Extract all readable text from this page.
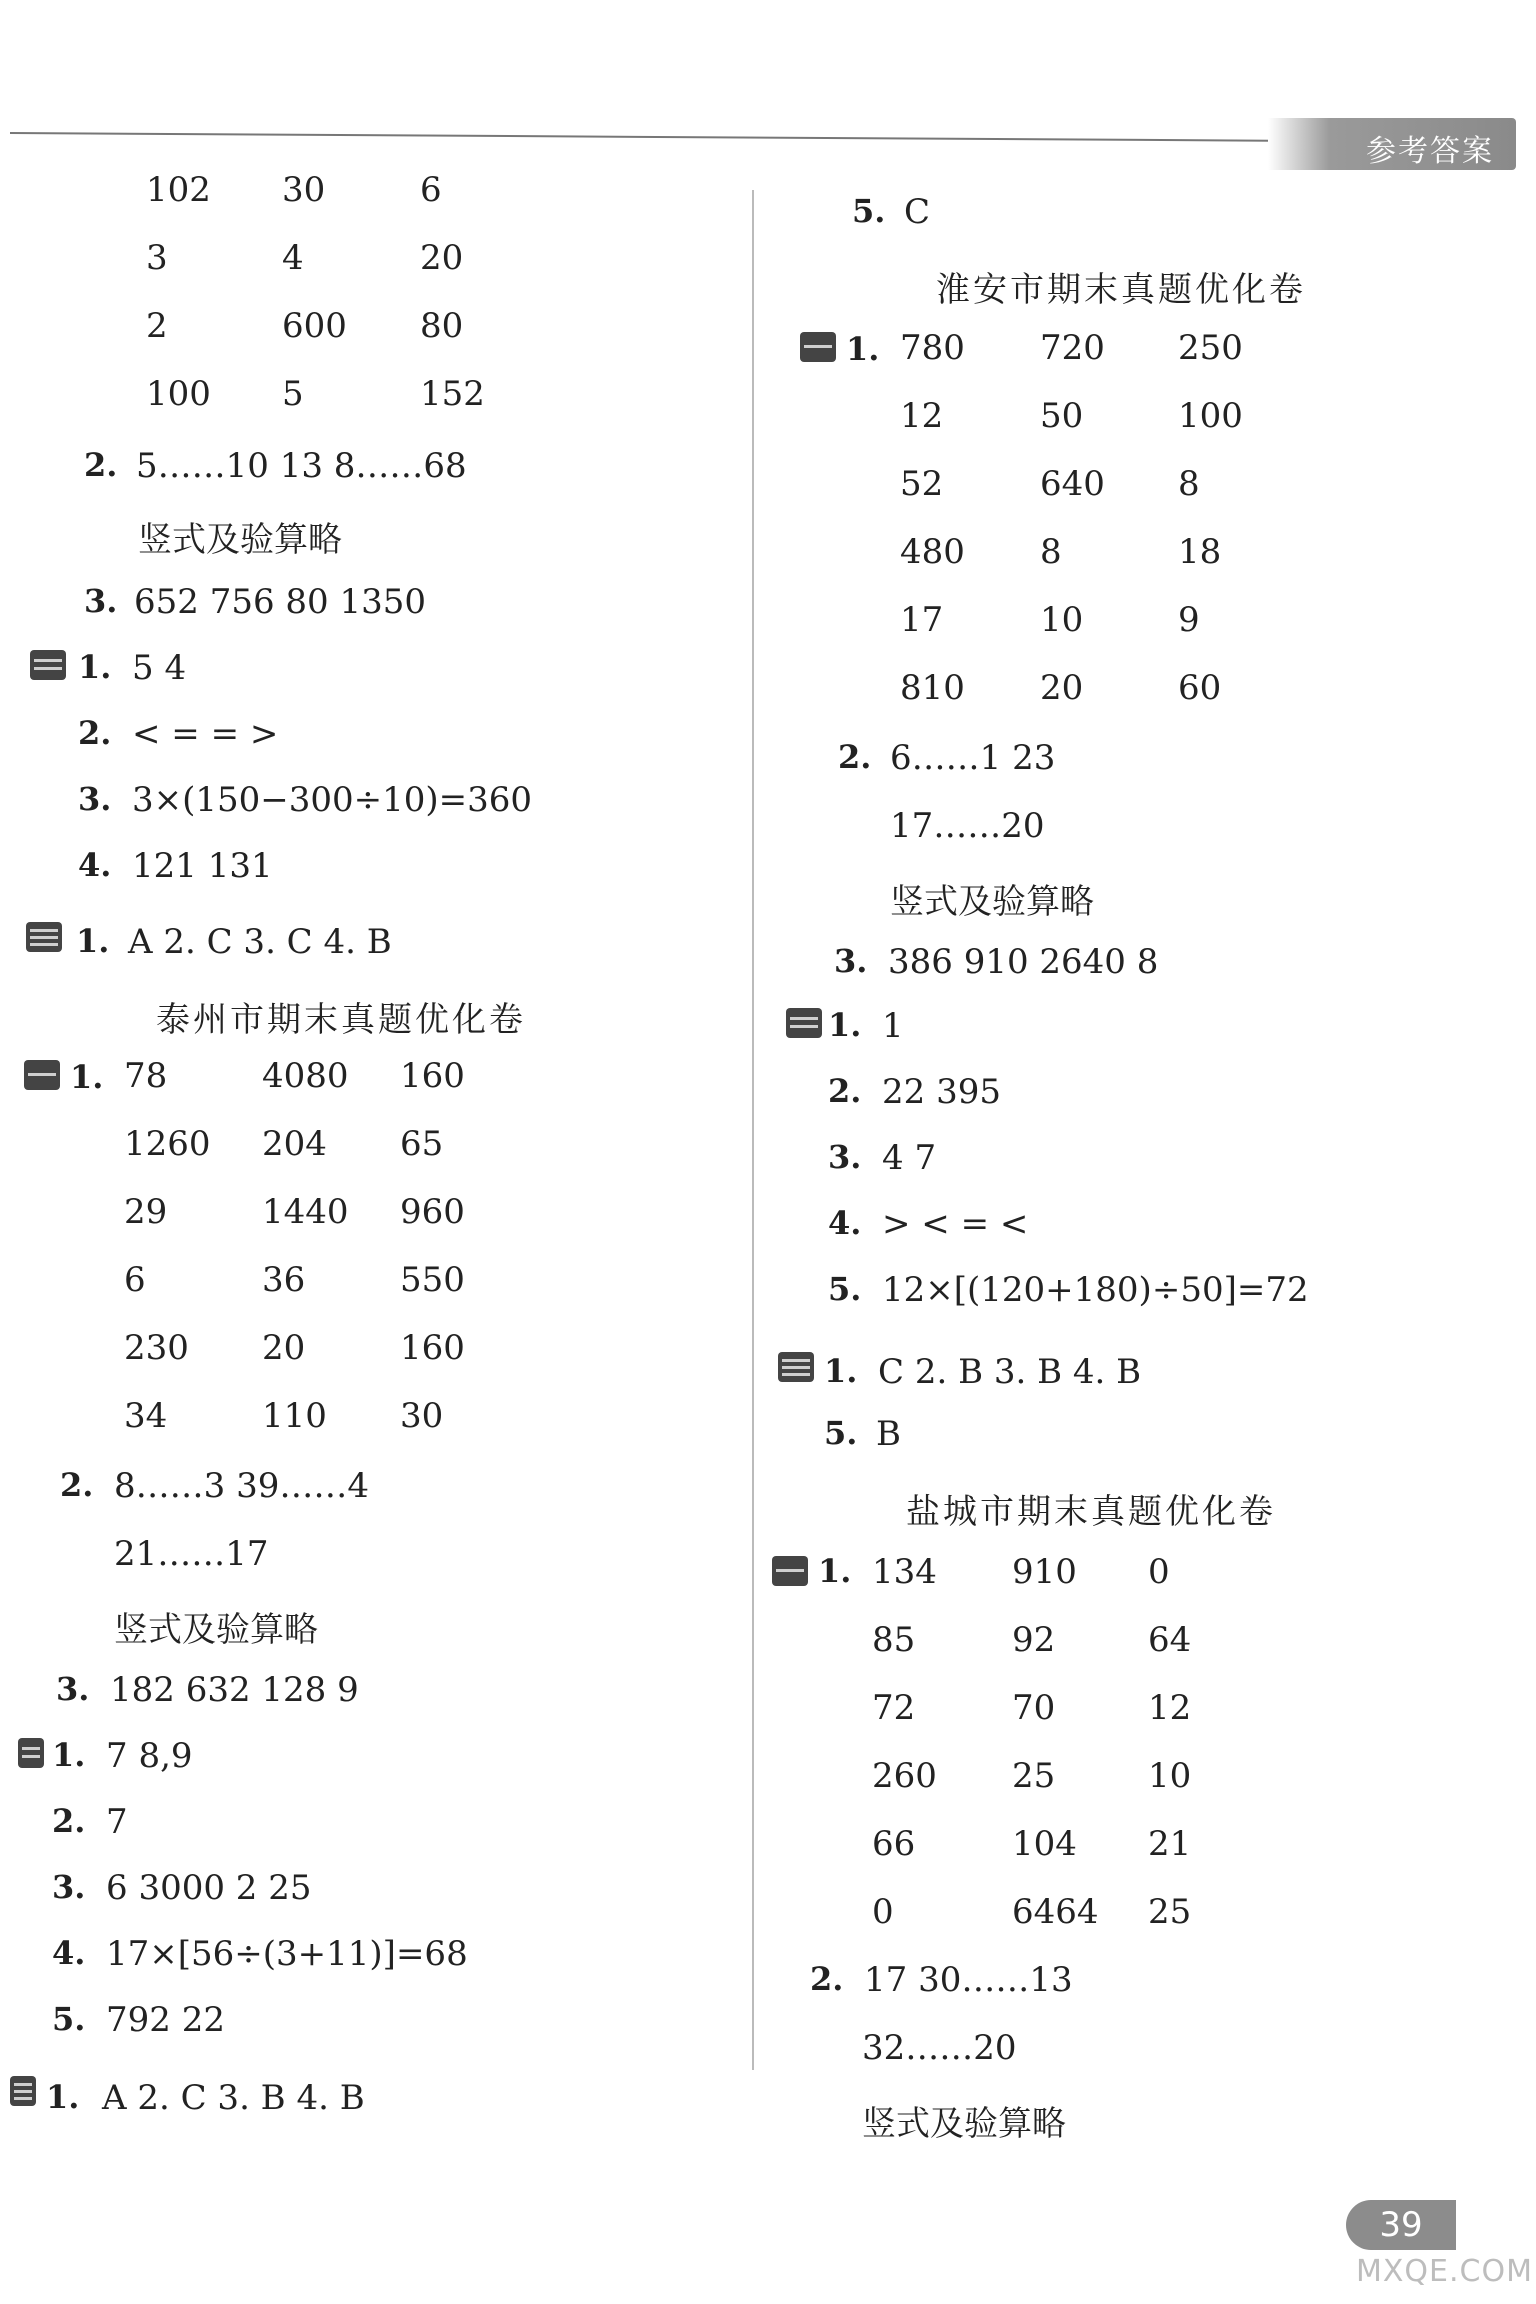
参考答案
102 30	6
3	4	20
2	600 80
100 5	152
2. 5……10 13 8……68
竖式及验算略
3. 652 756 80 1350
1. 5 4
2. < = = >
3. 3×(150−300÷10)=360
4. 121 131
1. A 2. C 3. C 4. B
泰州市期末真题优化卷
1. 78	4080 160
1260 204 65
29	1440 960
6	36	550
230 20	160
34	110 30
2. 8……3 39……4
21……17
竖式及验算略
3. 182 632 128 9
1. 7 8,9
2. 7
3. 6 3000 2 25
4. 17×[56÷(3+11)]=68
5. 792 22
1. A 2. C 3. B 4. B
5. C
淮安市期末真题优化卷
1. 780 720 250
12	50	100
52	640 8
480 8	18
17	10	9
810 20	60
2. 6……1 23
17……20
竖式及验算略
3. 386 910 2640 8
1. 1
2. 22 395
3. 4 7
4. > < = <
5. 12×[(120+180)÷50]=72
1. C 2. B 3. B 4. B
5. B
盐城市期末真题优化卷
1. 134 910 0
85	92	64
72	70	12
260 25	10
66	104 21
0	6464 25
2. 17 30……13
32……20
竖式及验算略
39
MXQE.COM
